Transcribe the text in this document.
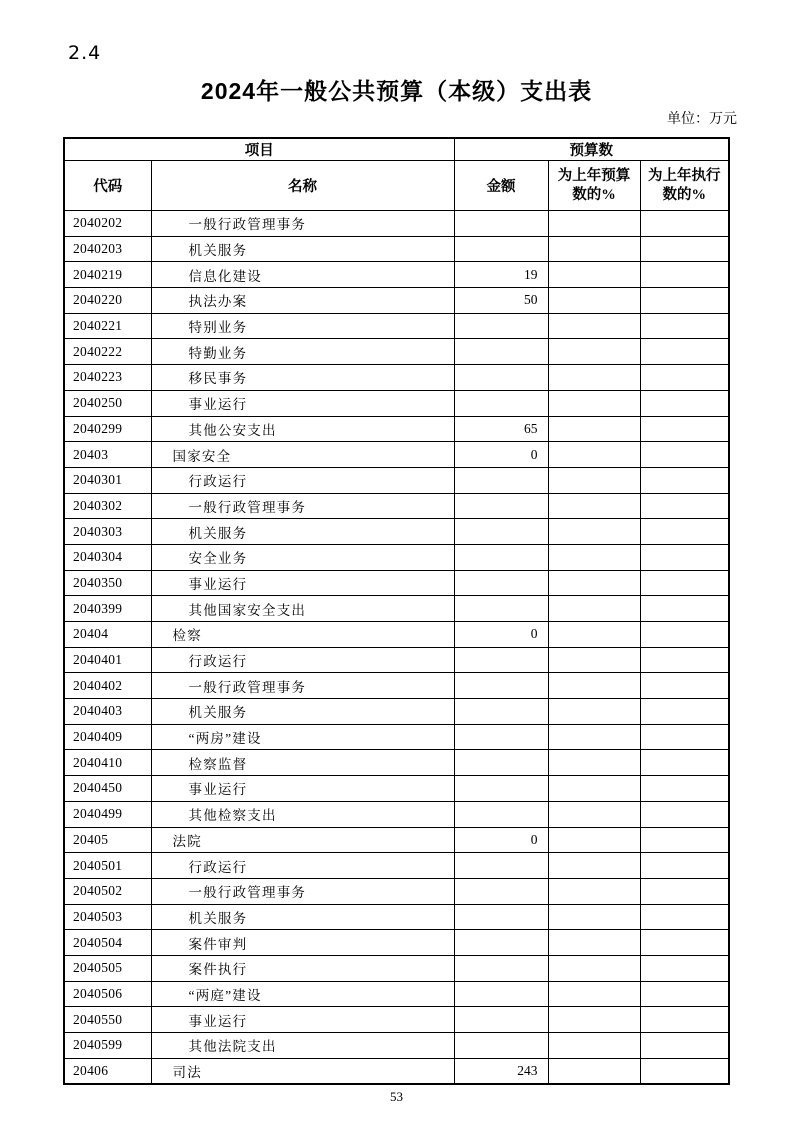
2.4
2024年一般公共预算（本级）支出表
单位：万元
项目		预算数		
代码	名称	金额	为上年预算数的%	为上年执行数的%
2040202	一般行政管理事务			
2040203	机关服务			
2040219	信息化建设	19		
2040220	执法办案	50		
2040221	特别业务			
2040222	特勤业务			
2040223	移民事务			
2040250	事业运行			
2040299	其他公安支出	65		
20403	国家安全	0		
2040301	行政运行			
2040302	一般行政管理事务			
2040303	机关服务			
2040304	安全业务			
2040350	事业运行			
2040399	其他国家安全支出			
20404	检察	0		
2040401	行政运行			
2040402	一般行政管理事务			
2040403	机关服务			
2040409	“两房”建设			
2040410	检察监督			
2040450	事业运行			
2040499	其他检察支出			
20405	法院	0		
2040501	行政运行			
2040502	一般行政管理事务			
2040503	机关服务			
2040504	案件审判			
2040505	案件执行			
2040506	“两庭”建设			
2040550	事业运行			
2040599	其他法院支出			
20406	司法	243		
53
